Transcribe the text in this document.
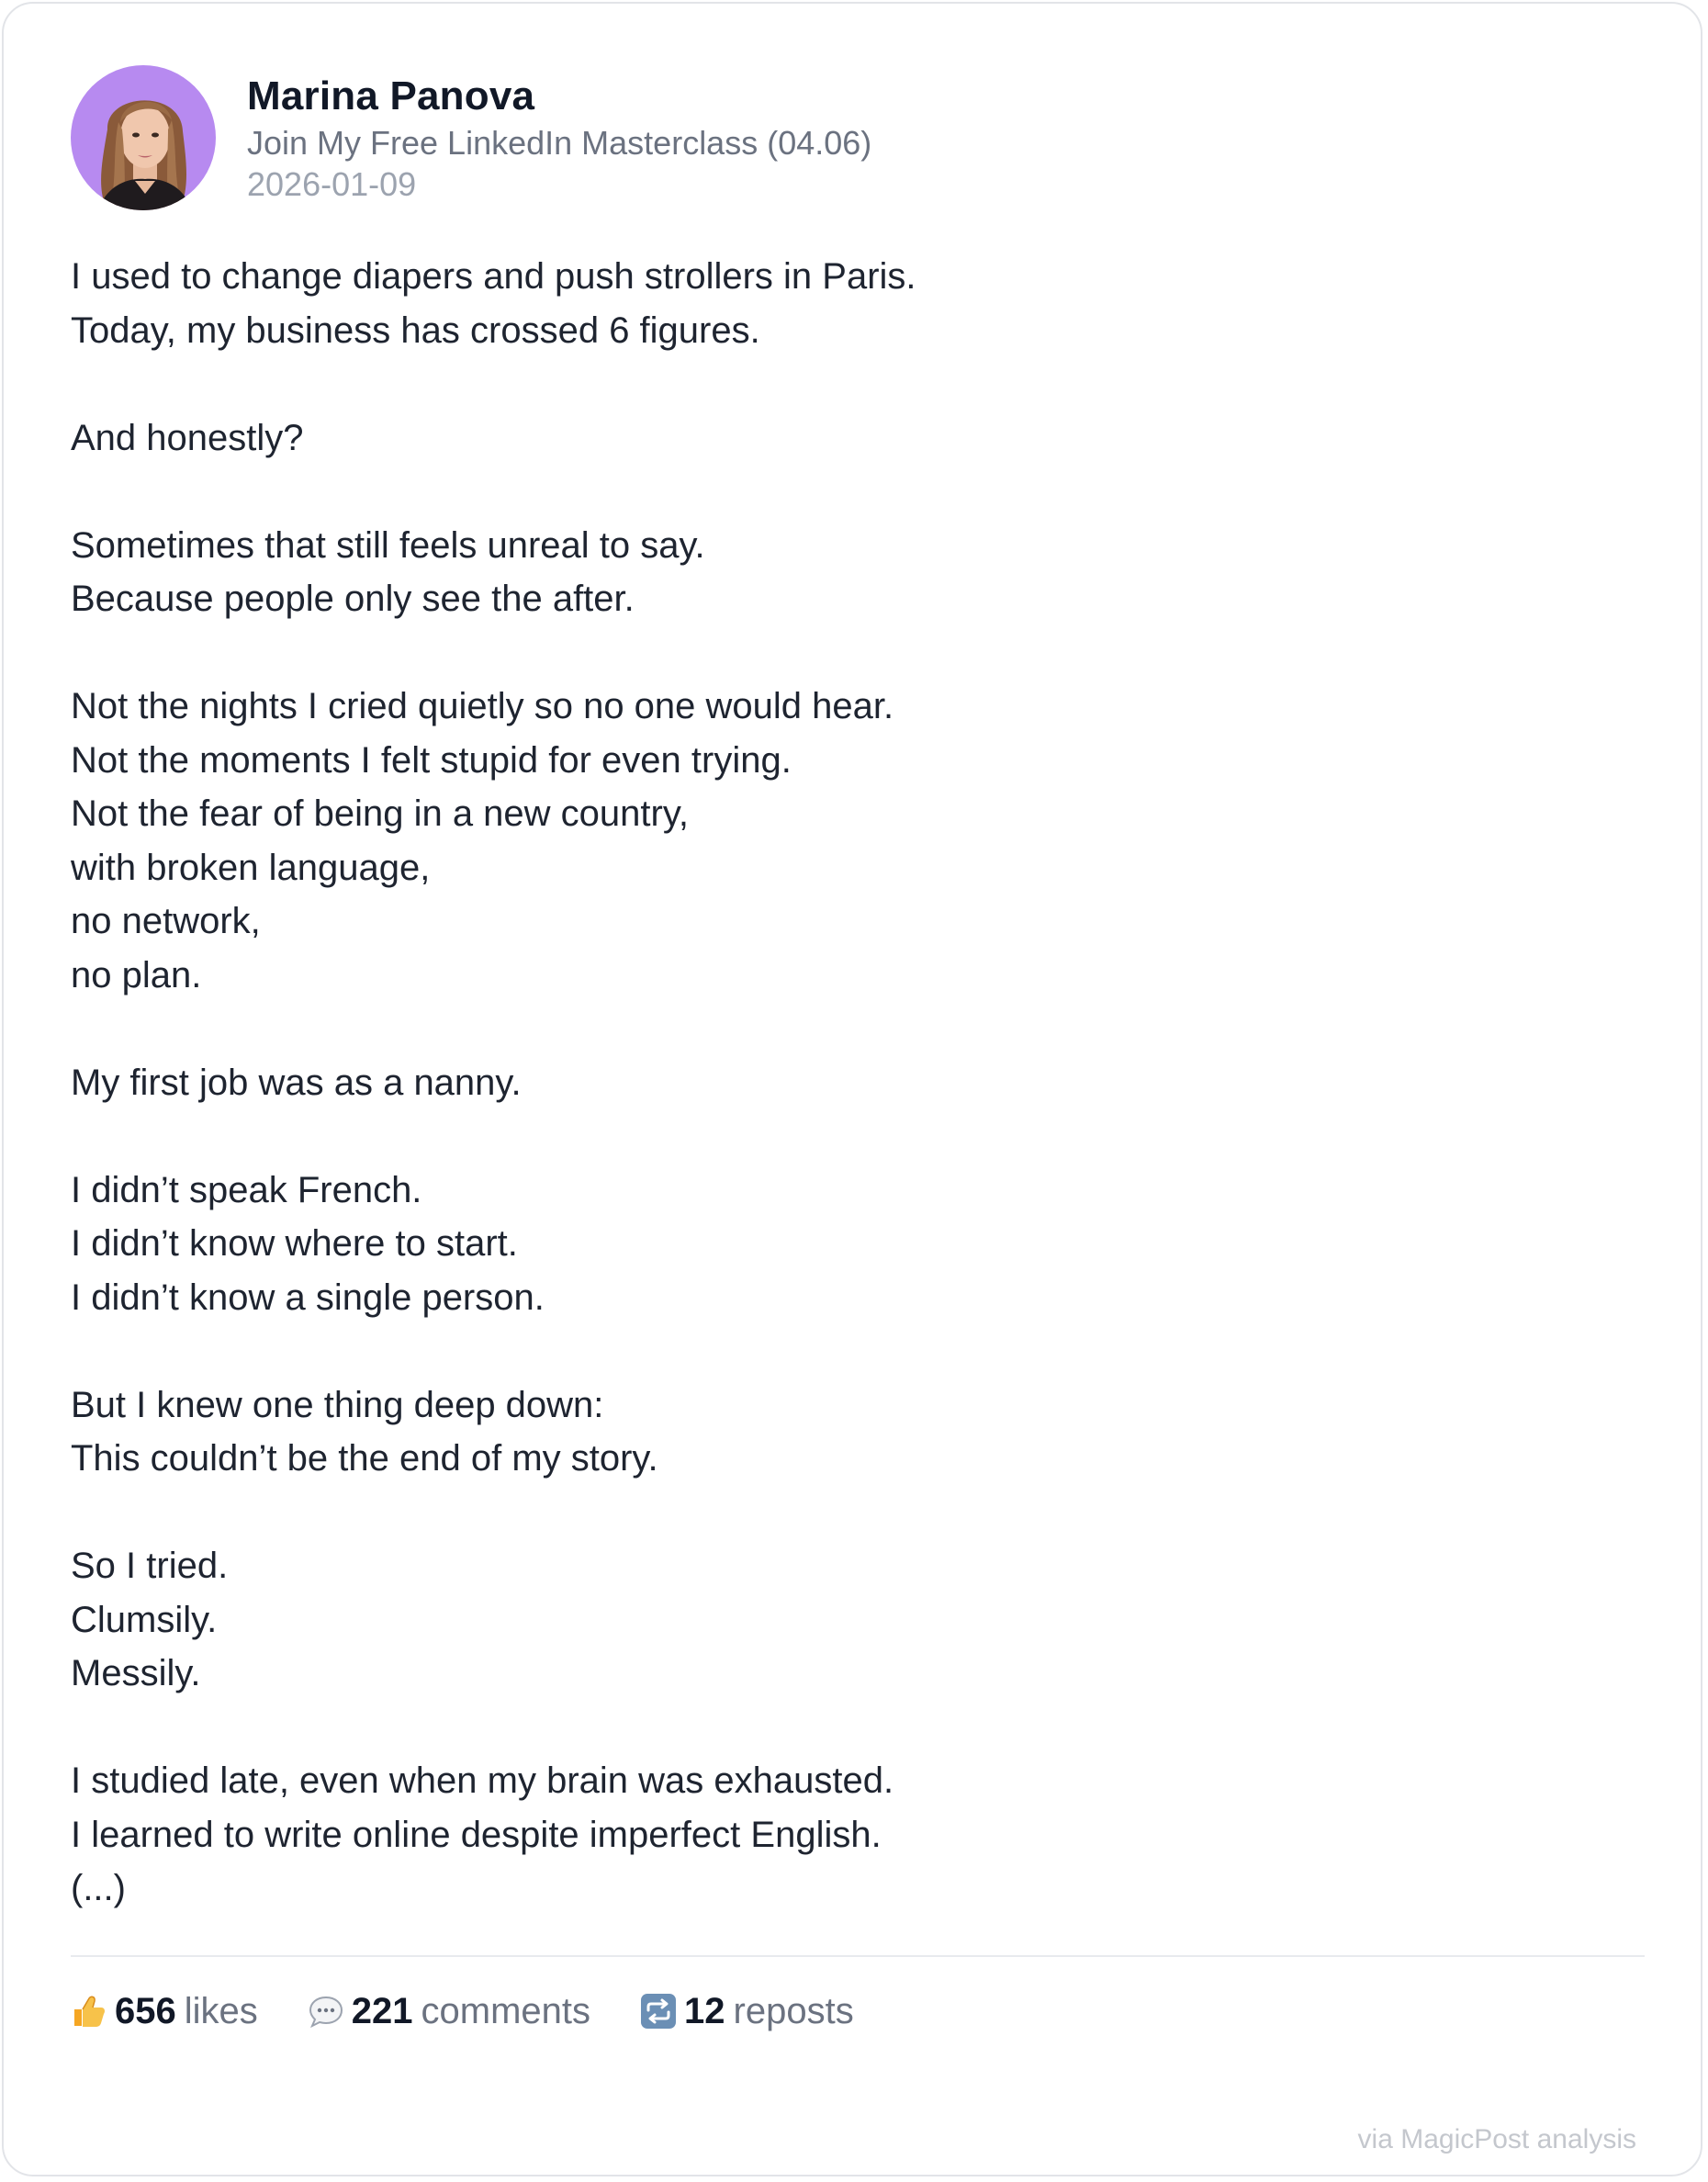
Marina Panova
Join My Free LinkedIn Masterclass (04.06)
2026-01-09
I used to change diapers and push strollers in Paris.
Today, my business has crossed 6 figures.
And honestly?
Sometimes that still feels unreal to say.
Because people only see the after.
Not the nights I cried quietly so no one would hear.
Not the moments I felt stupid for even trying.
Not the fear of being in a new country,
with broken language,
no network,
no plan.
My first job was as a nanny.
I didn’t speak French.
I didn’t know where to start.
I didn’t know a single person.
But I knew one thing deep down:
This couldn’t be the end of my story.
So I tried.
Clumsily.
Messily.
I studied late, even when my brain was exhausted.
I learned to write online despite imperfect English.
(...)
656 likes	221 comments	12 reposts
via MagicPost analysis
